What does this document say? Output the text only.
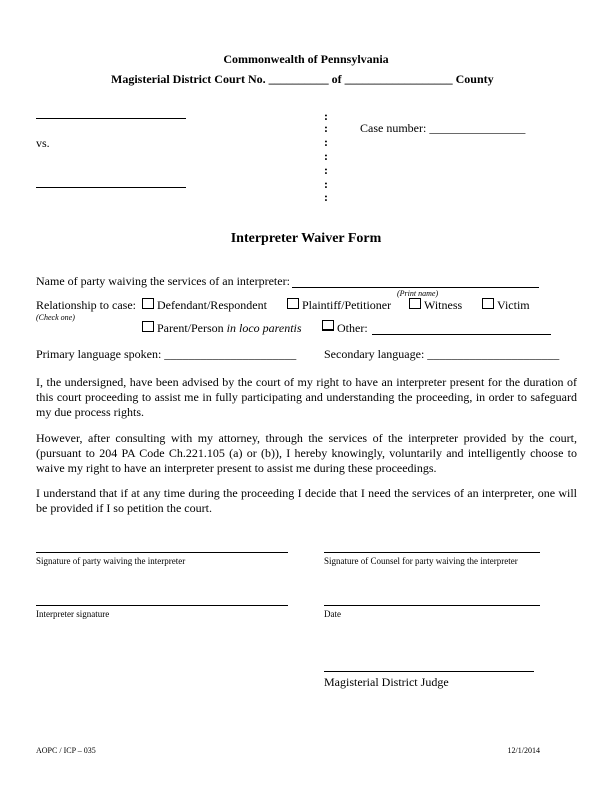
Commonwealth of Pennsylvania
Magisterial District Court No. __________ of __________________ County
vs.
:
:
:
:
:
:
:
Case number: ________________
Interpreter Waiver Form
Name of party waiving the services of an interpreter:
(Print name)
Relationship to case:
(Check one)
Defendant/Respondent	Plaintiff/Petitioner	Witness	Victim
Parent/Person in loco parentis	Other:
Primary language spoken: ______________________ Secondary language: ______________________
I, the undersigned, have been advised by the court of my right to have an interpreter present for the duration of this court proceeding to assist me in fully participating and understanding the proceeding, in order to safeguard my due process rights.
However, after consulting with my attorney, through the services of the interpreter provided by the court, (pursuant to 204 PA Code Ch.221.105 (a) or (b)), I hereby knowingly, voluntarily and intelligently choose to waive my right to have an interpreter present to assist me during these proceedings.
I understand that if at any time during the proceeding I decide that I need the services of an interpreter, one will be provided if I so petition the court.
Signature of party waiving the interpreter	Signature of Counsel for party waiving the interpreter
Interpreter signature	Date
Magisterial District Judge
AOPC / ICP – 035	12/1/2014
